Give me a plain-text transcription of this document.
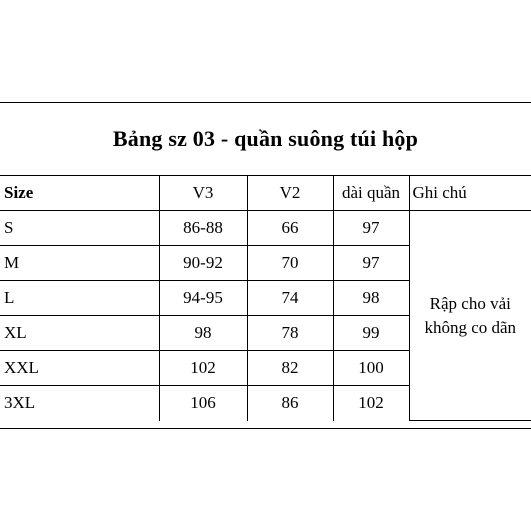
Bảng sz 03 - quần suông túi hộp
Size	V3	V2	dài quần	Ghi chú
S	86-88	66	97	Rập cho vải
không co dãn

M	90-92	70	97	
L	94-95	74	98	
XL	98	78	99	
XXL	102	82	100	
3XL	106	86	102	
